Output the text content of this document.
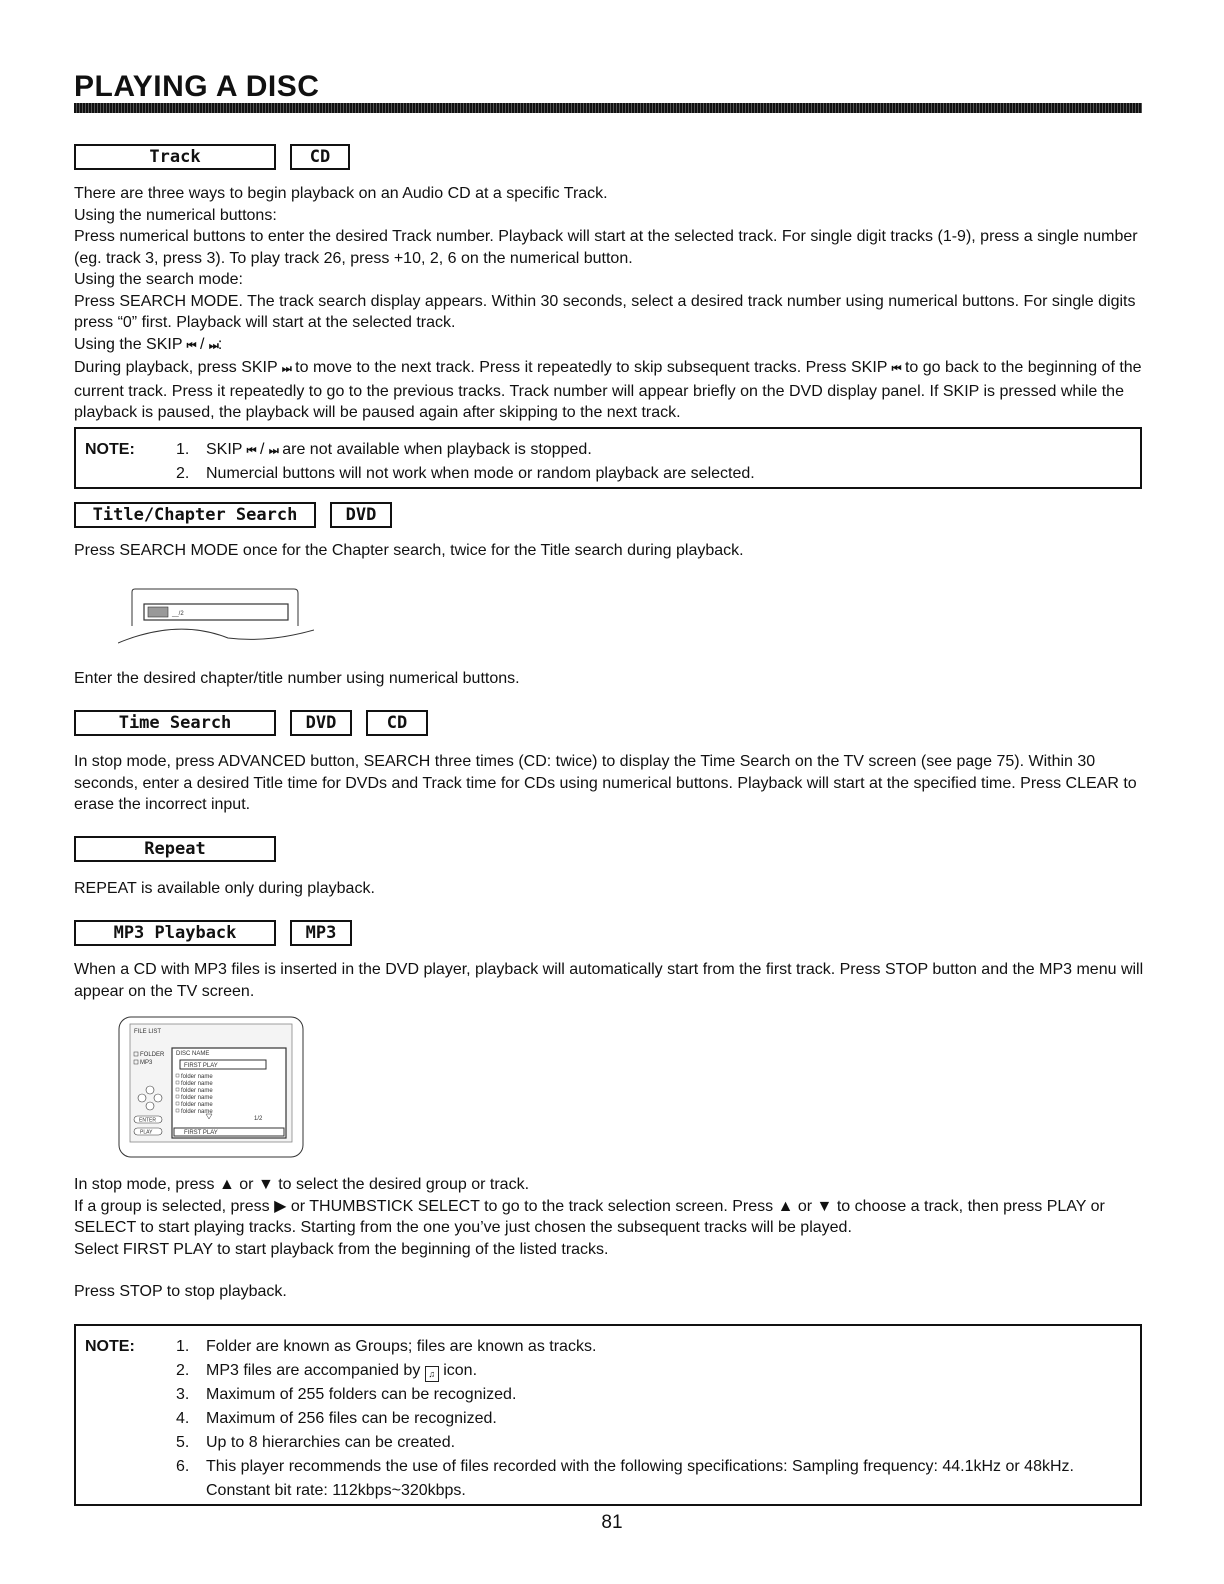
PLAYING A DISC
Track	CD

There are three ways to begin playback on an Audio CD at a specific Track.

Using the numerical buttons:

Press numerical buttons to enter the desired Track number. Playback will start at the selected track. For single digit tracks (1-9), press a single number (eg. track 3, press 3). To play track 26, press +10, 2, 6 on the numerical button.

Using the search mode:

Press SEARCH MODE. The track search display appears. Within 30 seconds, select a desired track number using numerical buttons. For single digits press “0” first. Playback will start at the selected track.

Using the SKIP ⏮ / ⏭:

During playback, press SKIP ⏭ to move to the next track. Press it repeatedly to skip subsequent tracks. Press SKIP ⏮ to go back to the beginning of the current track. Press it repeatedly to go to the previous tracks. Track number will appear briefly on the DVD display panel. If SKIP is pressed while the playback is paused, the playback will be paused again after skipping to the next track.

NOTE:	1. SKIP ⏮ / ⏭ are not available when playback is stopped.
2. Numercial buttons will not work when mode or random playback are selected.
Title/Chapter Search	DVD
Press SEARCH MODE once for the Chapter search, twice for the Title search during playback.
__/2
Enter the desired chapter/title number using numerical buttons.
Time Search	DVD	CD
In stop mode, press ADVANCED button, SEARCH three times (CD: twice) to display the Time Search on the TV screen (see page 75). Within 30 seconds, enter a desired Title time for DVDs and Track time for CDs using numerical buttons. Playback will start at the specified time. Press CLEAR to erase the incorrect input.
Repeat
REPEAT is available only during playback.
MP3 Playback	MP3
When a CD with MP3 files is inserted in the DVD player, playback will automatically start from the first track. Press STOP button and the MP3 menu will appear on the TV screen.
FILE LIST
FOLDER
MP3
DISC NAME
FIRST PLAY
folder name
folder name
folder name
folder name
folder name
folder name
1/2
ENTER
PLAY	FIRST PLAY

In stop mode, press ▲ or ▼ to select the desired group or track.

If a group is selected, press ▶ or THUMBSTICK SELECT to go to the track selection screen. Press ▲ or ▼ to choose a track, then press PLAY or SELECT to start playing tracks. Starting from the one you’ve just chosen the subsequent tracks will be played.

Select FIRST PLAY to start playback from the beginning of the listed tracks.

Press STOP to stop playback.

NOTE:	1. Folder are known as Groups; files are known as tracks.
2. MP3 files are accompanied by ♫ icon.
3. Maximum of 255 folders can be recognized.
4. Maximum of 256 files can be recognized.
5. Up to 8 hierarchies can be created.
6. This player recommends the use of files recorded with the following specifications: Sampling frequency: 44.1kHz or 48kHz. Constant bit rate: 112kbps~320kbps.
81
